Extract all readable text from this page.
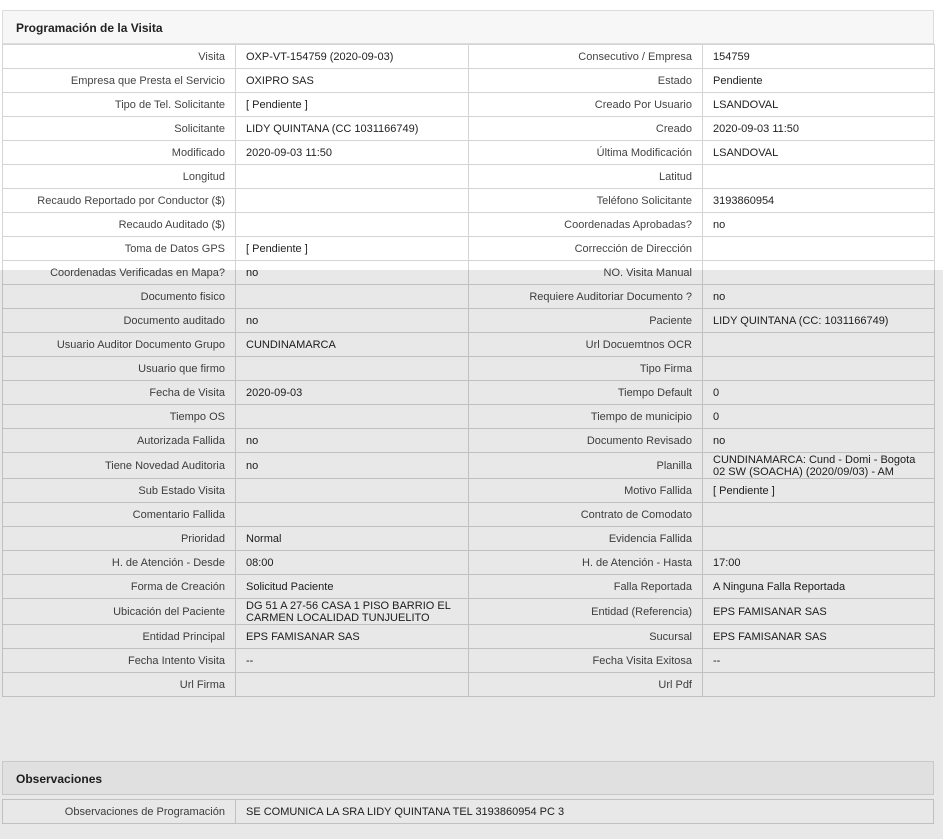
Programación de la Visita
Visita	OXP-VT-154759 (2020-09-03)	Consecutivo / Empresa	154759
Empresa que Presta el Servicio	OXIPRO SAS	Estado	Pendiente
Tipo de Tel. Solicitante	[ Pendiente ]	Creado Por Usuario	LSANDOVAL
Solicitante	LIDY QUINTANA (CC 1031166749)	Creado	2020-09-03 11:50
Modificado	2020-09-03 11:50	Última Modificación	LSANDOVAL
Longitud		Latitud	
Recaudo Reportado por Conductor ($)		Teléfono Solicitante	3193860954
Recaudo Auditado ($)		Coordenadas Aprobadas?	no
Toma de Datos GPS	[ Pendiente ]	Corrección de Dirección	
Coordenadas Verificadas en Mapa?	no	NO. Visita Manual	
Documento fisico		Requiere Auditoriar Documento ?	no
Documento auditado	no	Paciente	LIDY QUINTANA (CC: 1031166749)
Usuario Auditor Documento Grupo	CUNDINAMARCA	Url Docuemtnos OCR	
Usuario que firmo		Tipo Firma	
Fecha de Visita	2020-09-03	Tiempo Default	0
Tiempo OS		Tiempo de municipio	0
Autorizada Fallida	no	Documento Revisado	no
Tiene Novedad Auditoria	no	Planilla	CUNDINAMARCA: Cund - Domi - Bogota 02 SW (SOACHA) (2020/09/03) - AM
Sub Estado Visita		Motivo Fallida	[ Pendiente ]
Comentario Fallida		Contrato de Comodato	
Prioridad	Normal	Evidencia Fallida	
H. de Atención - Desde	08:00	H. de Atención - Hasta	17:00
Forma de Creación	Solicitud Paciente	Falla Reportada	A Ninguna Falla Reportada
Ubicación del Paciente	DG 51 A 27-56 CASA 1 PISO BARRIO EL CARMEN LOCALIDAD TUNJUELITO	Entidad (Referencia)	EPS FAMISANAR SAS
Entidad Principal	EPS FAMISANAR SAS	Sucursal	EPS FAMISANAR SAS
Fecha Intento Visita	--	Fecha Visita Exitosa	--
Url Firma		Url Pdf	
Observaciones
Observaciones de Programación	SE COMUNICA LA SRA LIDY QUINTANA TEL 3193860954 PC 3
